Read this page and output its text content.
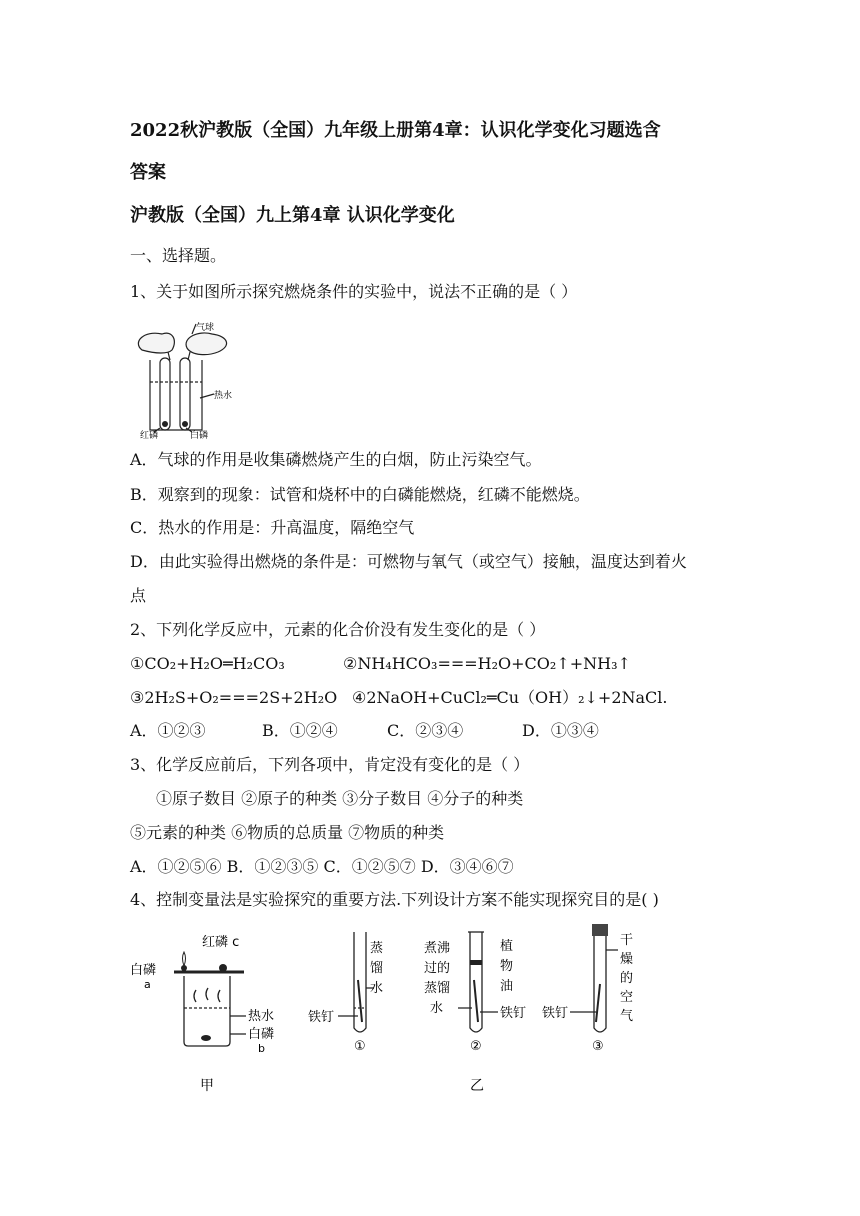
2022秋沪教版（全国）九年级上册第4章：认识化学变化习题选含
答案
沪教版（全国）九上第4章 认识化学变化
一、选择题。
1、关于如图所示探究燃烧条件的实验中，说法不正确的是（ ）
气球
热水
红磷	白磷
A．气球的作用是收集磷燃烧产生的白烟，防止污染空气。
B．观察到的现象：试管和烧杯中的白磷能燃烧，红磷不能燃烧。
C．热水的作用是：升高温度，隔绝空气
D．由此实验得出燃烧的条件是：可燃物与氧气（或空气）接触，温度达到着火
点
2、下列化学反应中，元素的化合价没有发生变化的是（ ）
①CO₂+H₂O═H₂CO₃	②NH₄HCO₃===H₂O+CO₂↑+NH₃↑
③2H₂S+O₂===2S+2H₂O ④2NaOH+CuCl₂═Cu（OH）₂↓+2NaCl.
A．①②③	B．①②④	C．②③④	D．①③④
3、化学反应前后，下列各项中，肯定没有变化的是（ ）
①原子数目 ②原子的种类 ③分子数目 ④分子的种类
⑤元素的种类 ⑥物质的总质量 ⑦物质的种类
A．①②⑤⑥ B．①②③⑤ C．①②⑤⑦ D．③④⑥⑦
4、控制变量法是实验探究的重要方法.下列设计方案不能实现探究目的是( )
红磷 c
白磷
a
热水
白磷
b
甲
蒸
馏
水
铁钉
①
煮沸
过的
蒸馏
水
植
物
油
铁钉
②
干
燥
的
空
气
铁钉
③
乙
